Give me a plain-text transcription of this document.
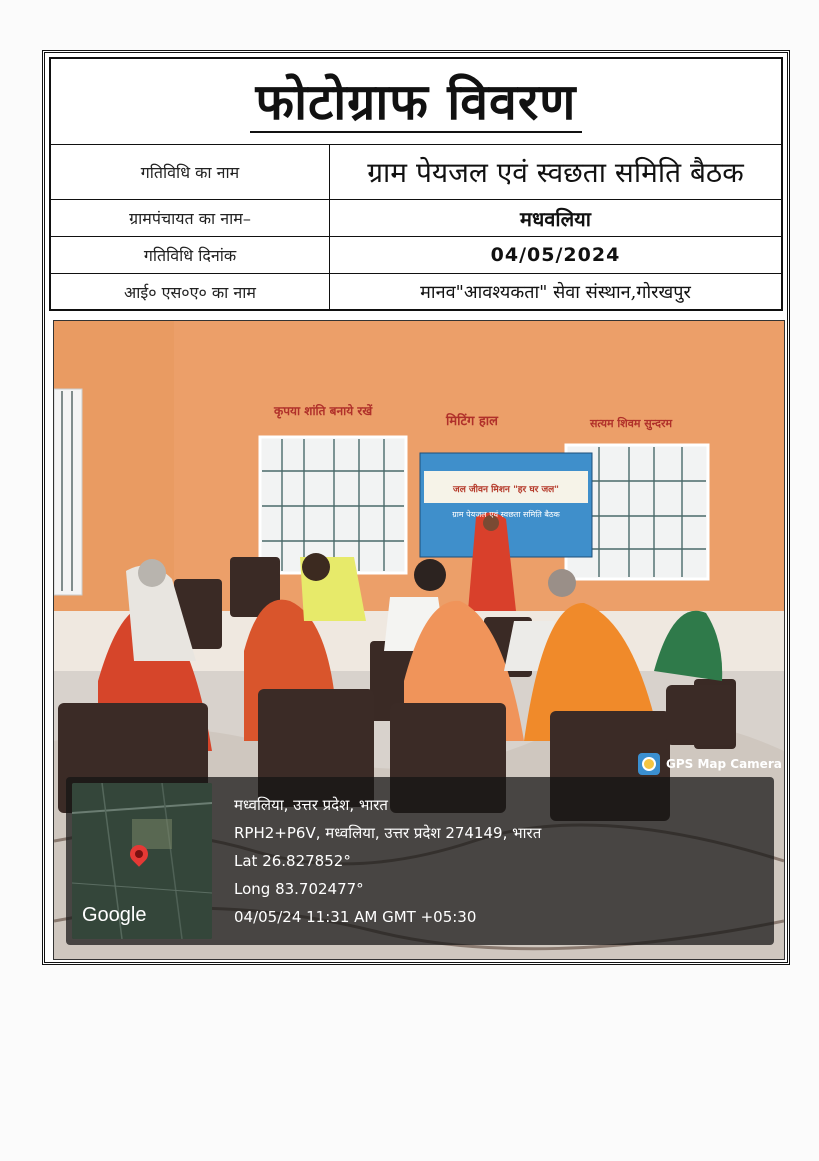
फोटोग्राफ विवरण
गतिविधि का नाम	ग्राम पेयजल एवं स्वछता समिति बैठक
ग्रामपंचायत का नाम–	मधवलिया
गतिविधि दिनांक	04/05/2024
आई० एस०ए० का नाम	मानव"आवश्यकता" सेवा संस्थान,गोरखपुर
कृपया शांति बनाये रखें
मिटिंग हाल	सत्यम शिवम सुन्दरम
जल जीवन मिशन "हर घर जल"
ग्राम पेयजल एवं स्वछता समिति बैठक
GPS Map Camera
Google
मध्वलिया, उत्तर प्रदेश, भारत
RPH2+P6V, मध्वलिया, उत्तर प्रदेश 274149, भारत
Lat 26.827852°
Long 83.702477°
04/05/24 11:31 AM GMT +05:30
